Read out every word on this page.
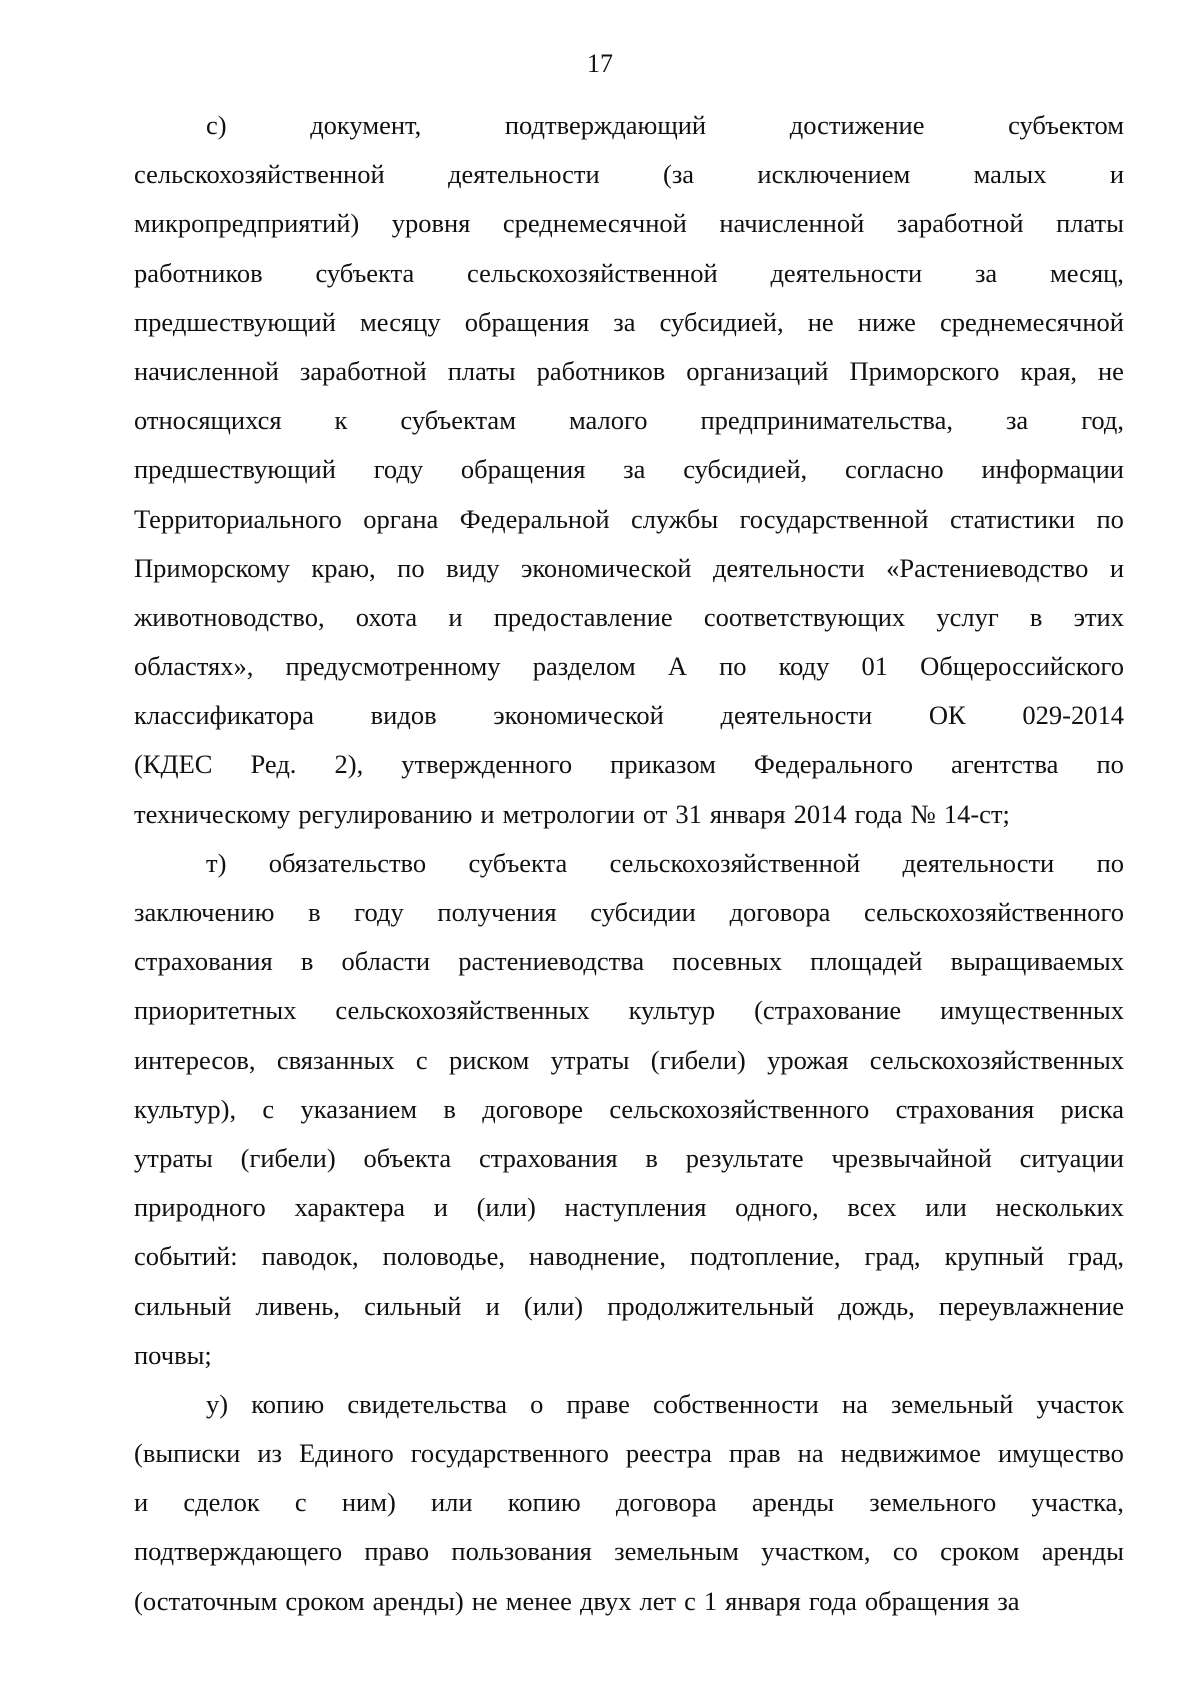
17
с)	документ,	подтверждающий	достижение	субъектом
сельскохозяйственной деятельности (за исключением малых и
микропредприятий) уровня среднемесячной начисленной заработной платы
работников субъекта сельскохозяйственной деятельности за месяц,
предшествующий месяцу обращения за субсидией, не ниже среднемесячной
начисленной заработной платы работников организаций Приморского края, не
относящихся к субъектам малого предпринимательства, за год,
предшествующий году обращения за субсидией, согласно информации
Территориального органа Федеральной службы государственной статистики по
Приморскому краю, по виду экономической деятельности «Растениеводство и
животноводство, охота и предоставление соответствующих услуг в этих
областях», предусмотренному разделом А по коду 01 Общероссийского
классификатора видов экономической деятельности ОК 029-2014
(КДЕС Ред. 2), утвержденного приказом Федерального агентства по
техническому регулированию и метрологии от 31 января 2014 года № 14-ст;
т) обязательство субъекта сельскохозяйственной деятельности по
заключению в году получения субсидии договора сельскохозяйственного
страхования в области растениеводства посевных площадей выращиваемых
приоритетных сельскохозяйственных культур (страхование имущественных
интересов, связанных с риском утраты (гибели) урожая сельскохозяйственных
культур), с указанием в договоре сельскохозяйственного страхования риска
утраты (гибели) объекта страхования в результате чрезвычайной ситуации
природного характера и (или) наступления одного, всех или нескольких
событий: паводок, половодье, наводнение, подтопление, град, крупный град,
сильный ливень, сильный и (или) продолжительный дождь, переувлажнение
почвы;
у) копию свидетельства о праве собственности на земельный участок
(выписки из Единого государственного реестра прав на недвижимое имущество
и сделок с ним) или копию договора аренды земельного участка,
подтверждающего право пользования земельным участком, со сроком аренды
(остаточным сроком аренды) не менее двух лет с 1 января года обращения за
